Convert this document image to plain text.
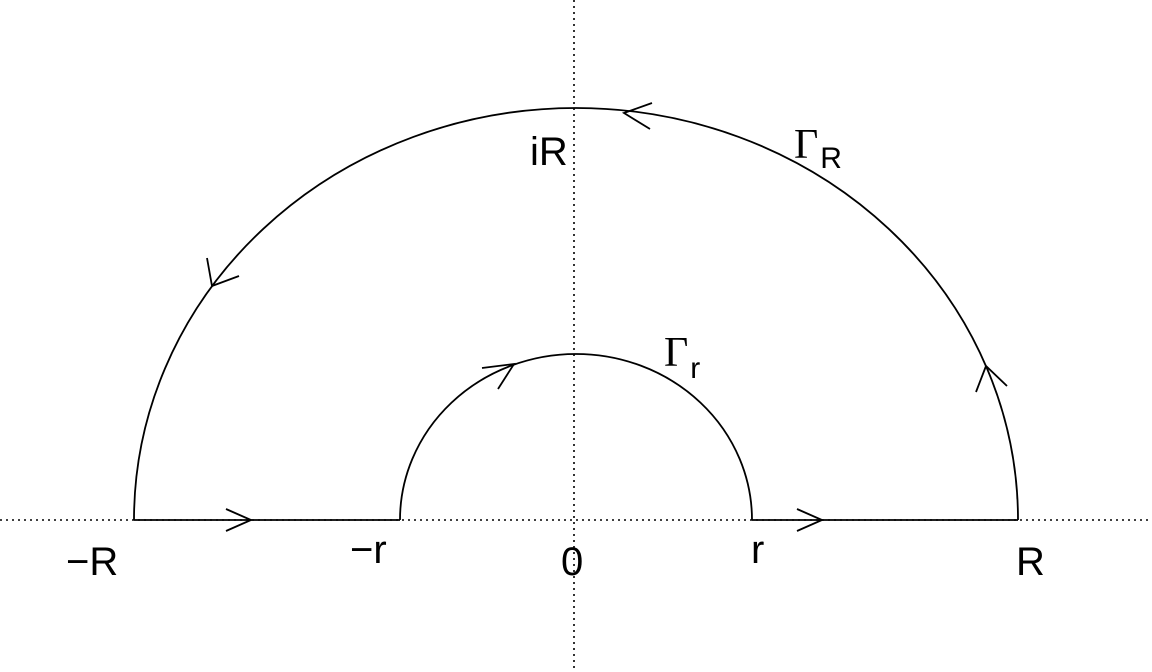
−R	−r	0	r	R
iR	$\Gamma_R$
$\Gamma_r$
